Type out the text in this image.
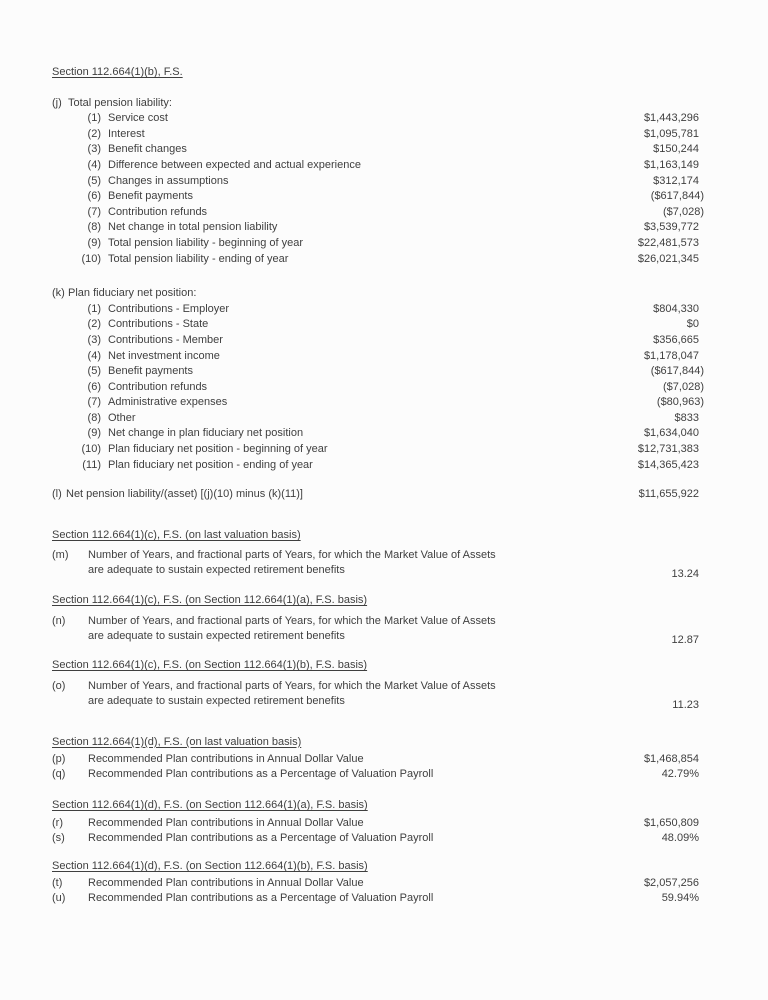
Section 112.664(1)(b), F.S.
(j) Total pension liability:
(1) Service cost	$1,443,296
(2) Interest	$1,095,781
(3) Benefit changes	$150,244
(4) Difference between expected and actual experience	$1,163,149
(5) Changes in assumptions	$312,174
(6) Benefit payments	($617,844)
(7) Contribution refunds	($7,028)
(8) Net change in total pension liability	$3,539,772
(9) Total pension liability - beginning of year	$22,481,573
(10) Total pension liability - ending of year	$26,021,345
(k) Plan fiduciary net position:
(1) Contributions - Employer	$804,330
(2) Contributions - State	$0
(3) Contributions - Member	$356,665
(4) Net investment income	$1,178,047
(5) Benefit payments	($617,844)
(6) Contribution refunds	($7,028)
(7) Administrative expenses	($80,963)
(8) Other	$833
(9) Net change in plan fiduciary net position	$1,634,040
(10) Plan fiduciary net position - beginning of year	$12,731,383
(11) Plan fiduciary net position - ending of year	$14,365,423
(l) Net pension liability/(asset) [(j)(10) minus (k)(11)]	$11,655,922
Section 112.664(1)(c), F.S. (on last valuation basis)
(m)	Number of Years, and fractional parts of Years, for which the Market Value of Assets
are adequate to sustain expected retirement benefits	13.24
Section 112.664(1)(c), F.S. (on Section 112.664(1)(a), F.S. basis)
(n)	Number of Years, and fractional parts of Years, for which the Market Value of Assets
are adequate to sustain expected retirement benefits	12.87
Section 112.664(1)(c), F.S. (on Section 112.664(1)(b), F.S. basis)
(o)	Number of Years, and fractional parts of Years, for which the Market Value of Assets
are adequate to sustain expected retirement benefits	11.23
Section 112.664(1)(d), F.S. (on last valuation basis)
(p)	Recommended Plan contributions in Annual Dollar Value	$1,468,854
(q)	Recommended Plan contributions as a Percentage of Valuation Payroll	42.79%
Section 112.664(1)(d), F.S. (on Section 112.664(1)(a), F.S. basis)
(r)	Recommended Plan contributions in Annual Dollar Value	$1,650,809
(s)	Recommended Plan contributions as a Percentage of Valuation Payroll	48.09%
Section 112.664(1)(d), F.S. (on Section 112.664(1)(b), F.S. basis)
(t)	Recommended Plan contributions in Annual Dollar Value	$2,057,256
(u)	Recommended Plan contributions as a Percentage of Valuation Payroll	59.94%
